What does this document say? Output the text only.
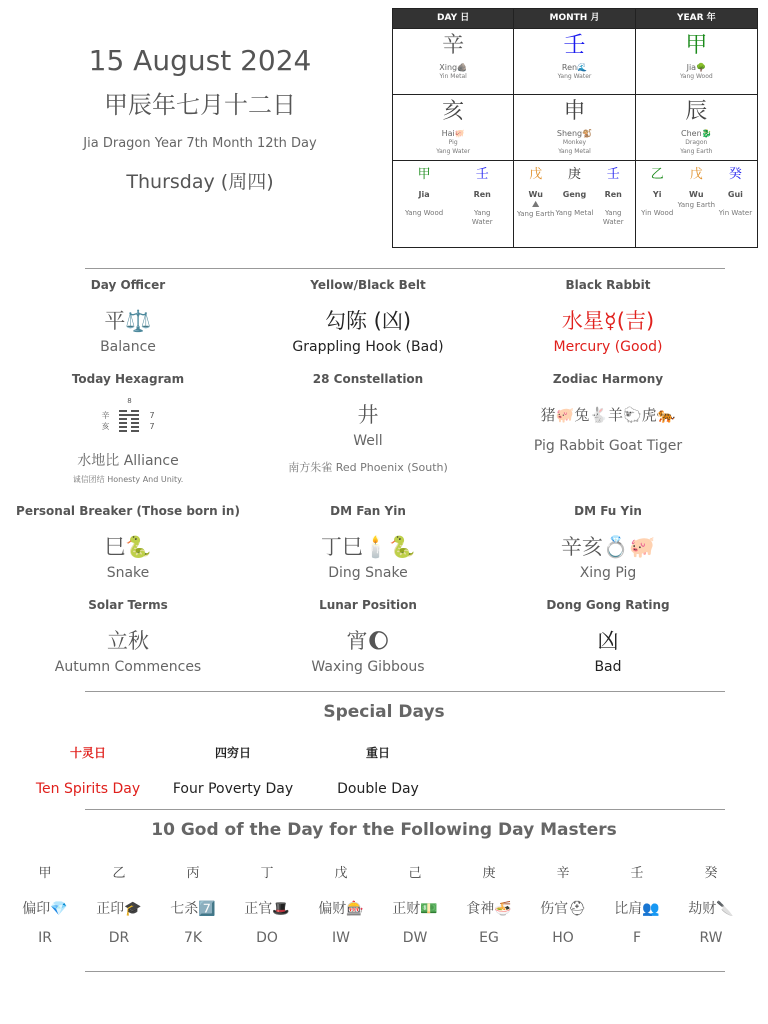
15 August 2024
甲辰年七月十二日
Jia Dragon Year 7th Month 12th Day
Thursday (周四)
DAY 日
辛
Xing🪨
Yin Metal
亥
Hai🐖
Pig
Yang Water
甲
Jia
Yang Wood
壬
Ren
Yang Water
MONTH 月
壬
Ren🌊
Yang Water
申
Sheng🐒
Monkey
Yang Metal
戊
Wu
⛰
Yang Earth
庚
Geng
Yang Metal
壬
Ren
Yang Water
YEAR 年
甲
Jia🌳
Yang Wood
辰
Chen🐉
Dragon
Yang Earth
乙
Yi
Yin Wood
戊
Wu
Yang Earth
癸
Gui
Yin Water
Day Officer
平⚖️
Balance
Yellow/Black Belt
勾陈 (凶)
Grappling Hook (Bad)
Black Rabbit
水星☿(吉)
Mercury (Good)
Today Hexagram
辛
亥
8
7
7
水地比 Alliance
诚信团结 Honesty And Unity.
28 Constellation
井
Well
南方朱雀 Red Phoenix (South)
Zodiac Harmony
猪🐖兔🐇羊🐑虎🐅
Pig Rabbit Goat Tiger
Personal Breaker (Those born in)
巳🐍
Snake
DM Fan Yin
丁巳🕯️🐍
Ding Snake
DM Fu Yin
辛亥💍🐖
Xing Pig
Solar Terms
立秋
Autumn Commences
Lunar Position
宵🌔
Waxing Gibbous
Dong Gong Rating
凶
Bad
Special Days
十灵日
Ten Spirits Day
四穷日
Four Poverty Day
重日
Double Day
10 God of the Day for the Following Day Masters
甲
偏印💎
IR
乙
正印🎓
DR
丙
七杀7️⃣
7K
丁
正官🎩
DO
戊
偏财🎰
IW
己
正财💵
DW
庚
食神🍜
EG
辛
伤官⛑
HO
壬
比肩👥
F
癸
劫财🔪
RW
